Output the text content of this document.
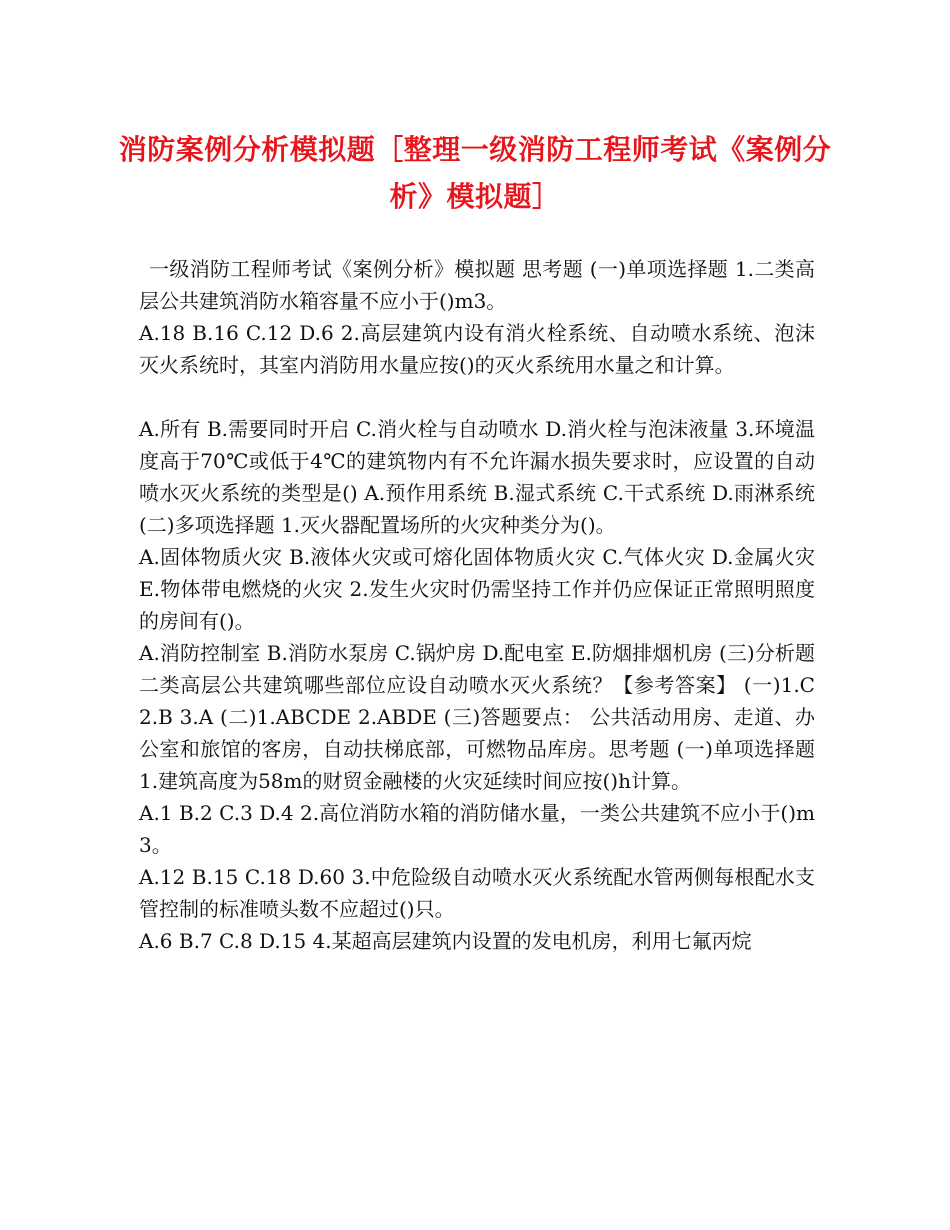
消防案例分析模拟题［整理一级消防工程师考试《案例分析》模拟题］

一级消防工程师考试《案例分析》模拟题 思考题 (一)单项选择题 1.二类高层公共建筑消防水箱容量不应小于()m3。

A.18 B.16 C.12 D.6 2.高层建筑内设有消火栓系统、自动喷水系统、泡沫灭火系统时，其室内消防用水量应按()的灭火系统用水量之和计算。

A.所有 B.需要同时开启 C.消火栓与自动喷水 D.消火栓与泡沫液量 3.环境温度高于70℃或低于4℃的建筑物内有不允许漏水损失要求时，应设置的自动喷水灭火系统的类型是() A.预作用系统 B.湿式系统 C.干式系统 D.雨淋系统 (二)多项选择题 1.灭火器配置场所的火灾种类分为()。

A.固体物质火灾 B.液体火灾或可熔化固体物质火灾 C.气体火灾 D.金属火灾 E.物体带电燃烧的火灾 2.发生火灾时仍需坚持工作并仍应保证正常照明照度的房间有()。

A.消防控制室 B.消防水泵房 C.锅炉房 D.配电室 E.防烟排烟机房 (三)分析题 二类高层公共建筑哪些部位应设自动喷水灭火系统？【参考答案】 (一)1.C 2.B 3.A (二)1.ABCDE 2.ABDE (三)答题要点： 公共活动用房、走道、办公室和旅馆的客房，自动扶梯底部，可燃物品库房。思考题 (一)单项选择题 1.建筑高度为58m的财贸金融楼的火灾延续时间应按()h计算。

A.1 B.2 C.3 D.4 2.高位消防水箱的消防储水量，一类公共建筑不应小于()m3。

A.12 B.15 C.18 D.60 3.中危险级自动喷水灭火系统配水管两侧每根配水支管控制的标准喷头数不应超过()只。

A.6 B.7 C.8 D.15 4.某超高层建筑内设置的发电机房，利用七氟丙烷
